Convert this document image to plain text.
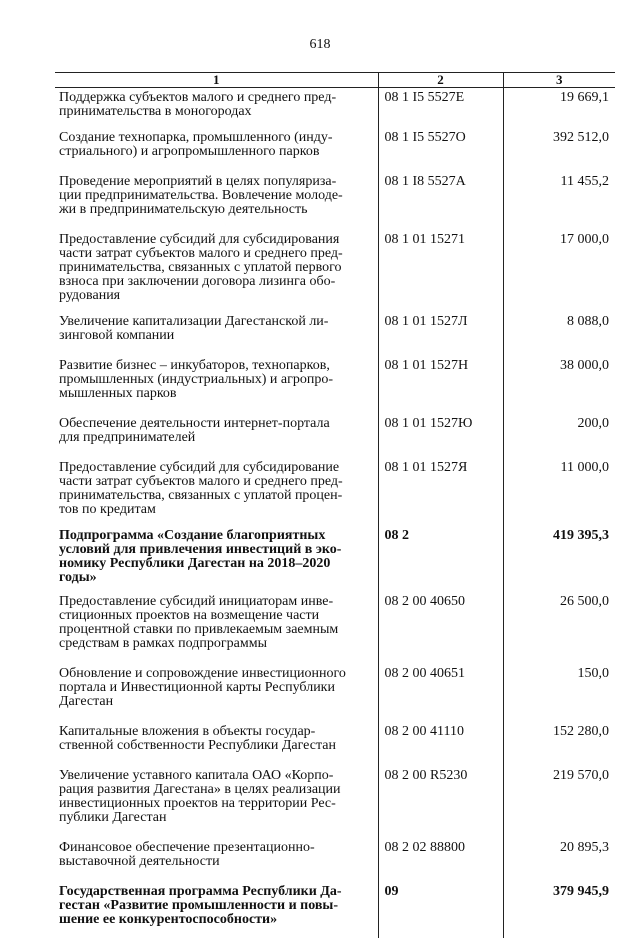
618
1	2	3
Поддержка субъектов малого и среднего пред-
принимательства в моногородах	08 1 I5 5527Е	19 669,1
Создание технопарка, промышленного (инду-
стриального) и агропромышленного парков	08 1 I5 5527О	392 512,0
Проведение мероприятий в целях популяриза-
ции предпринимательства. Вовлечение молоде-
жи в предпринимательскую деятельность	08 1 I8 5527А	11 455,2
Предоставление субсидий для субсидирования
части затрат субъектов малого и среднего пред-
принимательства, связанных с уплатой первого
взноса при заключении договора лизинга обо-
рудования	08 1 01 15271	17 000,0
Увеличение капитализации Дагестанской ли-
зинговой компании	08 1 01 1527Л	8 088,0
Развитие бизнес – инкубаторов, технопарков,
промышленных (индустриальных) и агропро-
мышленных парков	08 1 01 1527Н	38 000,0
Обеспечение деятельности интернет-портала
для предпринимателей	08 1 01 1527Ю	200,0
Предоставление субсидий для субсидирование
части затрат субъектов малого и среднего пред-
принимательства, связанных с уплатой процен-
тов по кредитам	08 1 01 1527Я	11 000,0
Подпрограмма «Создание благоприятных
условий для привлечения инвестиций в эко-
номику Республики Дагестан на 2018–2020
годы»	08 2	419 395,3
Предоставление субсидий инициаторам инве-
стиционных проектов на возмещение части
процентной ставки по привлекаемым заемным
средствам в рамках подпрограммы	08 2 00 40650	26 500,0
Обновление и сопровождение инвестиционного
портала и Инвестиционной карты Республики
Дагестан	08 2 00 40651	150,0
Капитальные вложения в объекты государ-
ственной собственности Республики Дагестан	08 2 00 41110	152 280,0
Увеличение уставного капитала ОАО «Корпо-
рация развития Дагестана» в целях реализации
инвестиционных проектов на территории Рес-
публики Дагестан	08 2 00 R5230	219 570,0
Финансовое обеспечение презентационно-
выставочной деятельности	08 2 02 88800	20 895,3
Государственная программа Республики Да-
гестан «Развитие промышленности и повы-
шение ее конкурентоспособности»	09	379 945,9
